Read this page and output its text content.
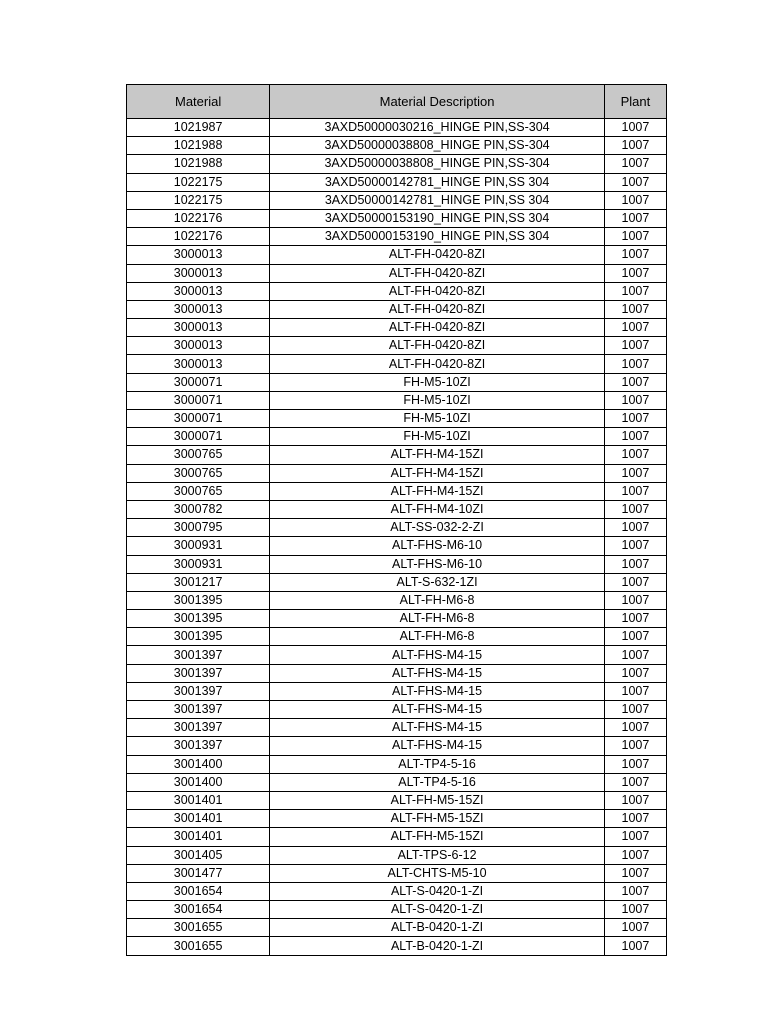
Material	Material Description	Plant
1021987	3AXD50000030216_HINGE PIN,SS-304	1007
1021988	3AXD50000038808_HINGE PIN,SS-304	1007
1021988	3AXD50000038808_HINGE PIN,SS-304	1007
1022175	3AXD50000142781_HINGE PIN,SS 304	1007
1022175	3AXD50000142781_HINGE PIN,SS 304	1007
1022176	3AXD50000153190_HINGE PIN,SS 304	1007
1022176	3AXD50000153190_HINGE PIN,SS 304	1007
3000013	ALT-FH-0420-8ZI	1007
3000013	ALT-FH-0420-8ZI	1007
3000013	ALT-FH-0420-8ZI	1007
3000013	ALT-FH-0420-8ZI	1007
3000013	ALT-FH-0420-8ZI	1007
3000013	ALT-FH-0420-8ZI	1007
3000013	ALT-FH-0420-8ZI	1007
3000071	FH-M5-10ZI	1007
3000071	FH-M5-10ZI	1007
3000071	FH-M5-10ZI	1007
3000071	FH-M5-10ZI	1007
3000765	ALT-FH-M4-15ZI	1007
3000765	ALT-FH-M4-15ZI	1007
3000765	ALT-FH-M4-15ZI	1007
3000782	ALT-FH-M4-10ZI	1007
3000795	ALT-SS-032-2-ZI	1007
3000931	ALT-FHS-M6-10	1007
3000931	ALT-FHS-M6-10	1007
3001217	ALT-S-632-1ZI	1007
3001395	ALT-FH-M6-8	1007
3001395	ALT-FH-M6-8	1007
3001395	ALT-FH-M6-8	1007
3001397	ALT-FHS-M4-15	1007
3001397	ALT-FHS-M4-15	1007
3001397	ALT-FHS-M4-15	1007
3001397	ALT-FHS-M4-15	1007
3001397	ALT-FHS-M4-15	1007
3001397	ALT-FHS-M4-15	1007
3001400	ALT-TP4-5-16	1007
3001400	ALT-TP4-5-16	1007
3001401	ALT-FH-M5-15ZI	1007
3001401	ALT-FH-M5-15ZI	1007
3001401	ALT-FH-M5-15ZI	1007
3001405	ALT-TPS-6-12	1007
3001477	ALT-CHTS-M5-10	1007
3001654	ALT-S-0420-1-ZI	1007
3001654	ALT-S-0420-1-ZI	1007
3001655	ALT-B-0420-1-ZI	1007
3001655	ALT-B-0420-1-ZI	1007
